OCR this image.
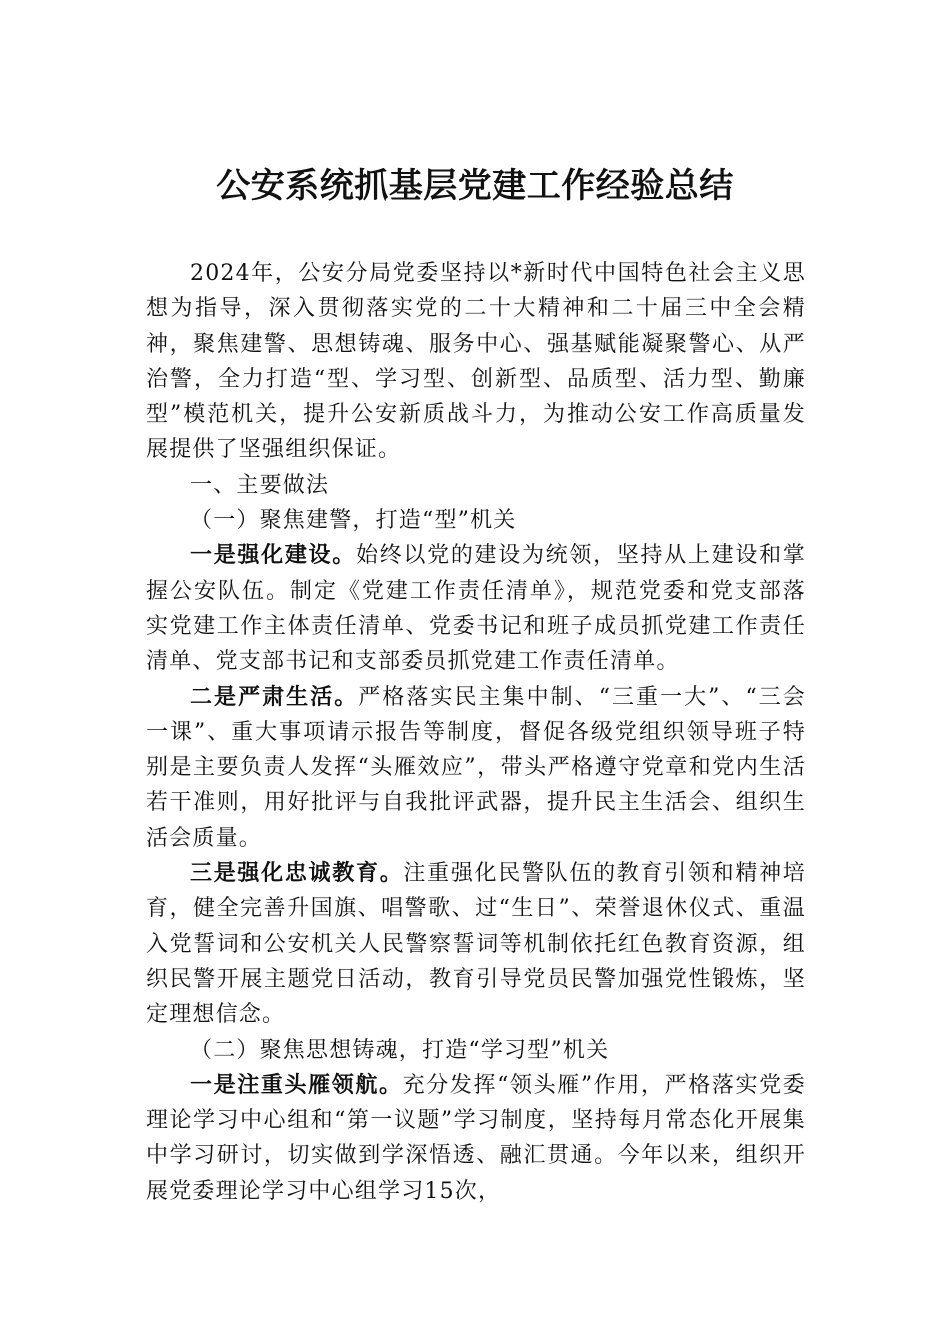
公安系统抓基层党建工作经验总结

2024年，公安分局党委坚持以*新时代中国特色社会主义思想为指导，深入贯彻落实党的二十大精神和二十届三中全会精神，聚焦建警、思想铸魂、服务中心、强基赋能凝聚警心、从严治警，全力打造“型、学习型、创新型、品质型、活力型、勤廉型”模范机关，提升公安新质战斗力，为推动公安工作高质量发展提供了坚强组织保证。

一、主要做法

（一）聚焦建警，打造“型”机关

一是强化建设。始终以党的建设为统领，坚持从上建设和掌握公安队伍。制定《党建工作责任清单》，规范党委和党支部落实党建工作主体责任清单、党委书记和班子成员抓党建工作责任清单、党支部书记和支部委员抓党建工作责任清单。

二是严肃生活。严格落实民主集中制、“三重一大”、“三会一课”、重大事项请示报告等制度，督促各级党组织领导班子特别是主要负责人发挥“头雁效应”，带头严格遵守党章和党内生活若干准则，用好批评与自我批评武器，提升民主生活会、组织生活会质量。

三是强化忠诚教育。注重强化民警队伍的教育引领和精神培育，健全完善升国旗、唱警歌、过“生日”、荣誉退休仪式、重温入党誓词和公安机关人民警察誓词等机制依托红色教育资源，组织民警开展主题党日活动，教育引导党员民警加强党性锻炼，坚定理想信念。

（二）聚焦思想铸魂，打造“学习型”机关

一是注重头雁领航。充分发挥“领头雁”作用，严格落实党委理论学习中心组和“第一议题”学习制度，坚持每月常态化开展集中学习研讨，切实做到学深悟透、融汇贯通。今年以来，组织开展党委理论学习中心组学习15次，
